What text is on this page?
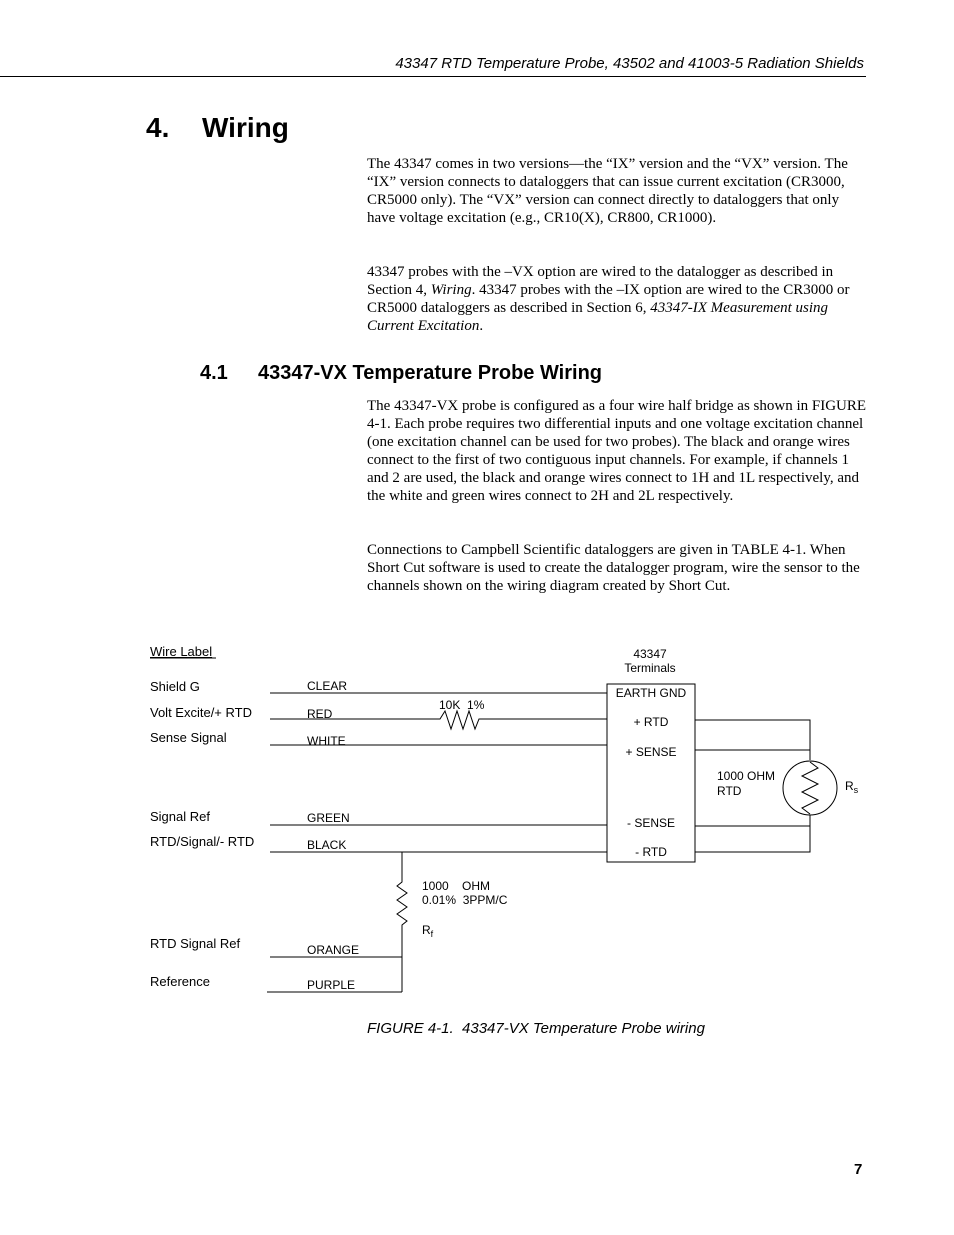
43347 RTD Temperature Probe, 43502 and 41003-5 Radiation Shields
4. Wiring

The 43347 comes in two versions—the “IX” version and the “VX” version. The “IX” version connects to dataloggers that can issue current excitation (CR3000, CR5000 only). The “VX” version can connect directly to dataloggers that only have voltage excitation (e.g., CR10(X), CR800, CR1000).

43347 probes with the –VX option are wired to the datalogger as described in Section 4, Wiring. 43347 probes with the –IX option are wired to the CR3000 or CR5000 dataloggers as described in Section 6, 43347-IX Measurement using Current Excitation.

4.1 43347-VX Temperature Probe Wiring

The 43347-VX probe is configured as a four wire half bridge as shown in FIGURE 4-1. Each probe requires two differential inputs and one voltage excitation channel (one excitation channel can be used for two probes). The black and orange wires connect to the first of two contiguous input channels. For example, if channels 1 and 2 are used, the black and orange wires connect to 1H and 1L respectively, and the white and green wires connect to 2H and 2L respectively.

Connections to Campbell Scientific dataloggers are given in TABLE 4-1. When Short Cut software is used to create the datalogger program, wire the sensor to the channels shown on the wiring diagram created by Short Cut.

Wire Label
Shield G
Volt Excite/+ RTD
Sense Signal
Signal Ref
RTD/Signal/- RTD
RTD Signal Ref
Reference
CLEAR
RED
WHITE
GREEN
BLACK
ORANGE
PURPLE
10K  1%
43347
Terminals
EARTH GND
+ RTD
+ SENSE
- SENSE
- RTD
1000 OHM
RTD	$R_s$
1000    OHM
0.01%  3PPM/C
$R_f$
FIGURE 4-1.  43347-VX Temperature Probe wiring
7
